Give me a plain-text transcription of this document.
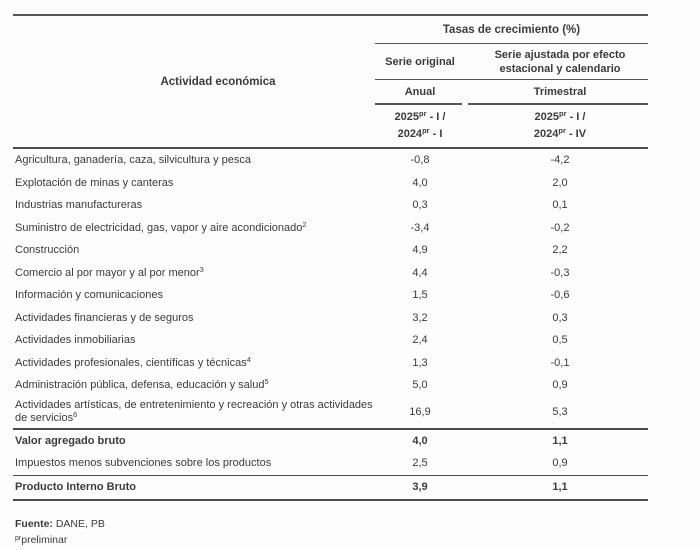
Actividad económica
Tasas de crecimiento (%)
Serie original
Serie ajustada por efecto estacional y calendario
Anual	Trimestral
$2025^{pr}$ - I /
$2024^{pr}$ - I
$2025^{pr}$ - I /
$2024^{pr}$ - IV
Agricultura, ganadería, caza, silvicultura y pesca	-0,8	-4,2
Explotación de minas y canteras	4,0	2,0
Industrias manufactureras	0,3	0,1
Suministro de electricidad, gas, vapor y aire acondicionado$^2$	-3,4	-0,2
Construcción	4,9	2,2
Comercio al por mayor y al por menor$^3$	4,4	-0,3
Información y comunicaciones	1,5	-0,6
Actividades financieras y de seguros	3,2	0,3
Actividades inmobiliarias	2,4	0,5
Actividades profesionales, científicas y técnicas$^4$	1,3	-0,1
Administración pública, defensa, educación y salud$^5$	5,0	0,9
Actividades artísticas, de entretenimiento y recreación y otras actividades de servicios$^6$	16,9	5,3
Valor agregado bruto	4,0	1,1
Impuestos menos subvenciones sobre los productos	2,5	0,9
Producto Interno Bruto	3,9	1,1
Fuente: DANE, PB
$^{pr}$preliminar
